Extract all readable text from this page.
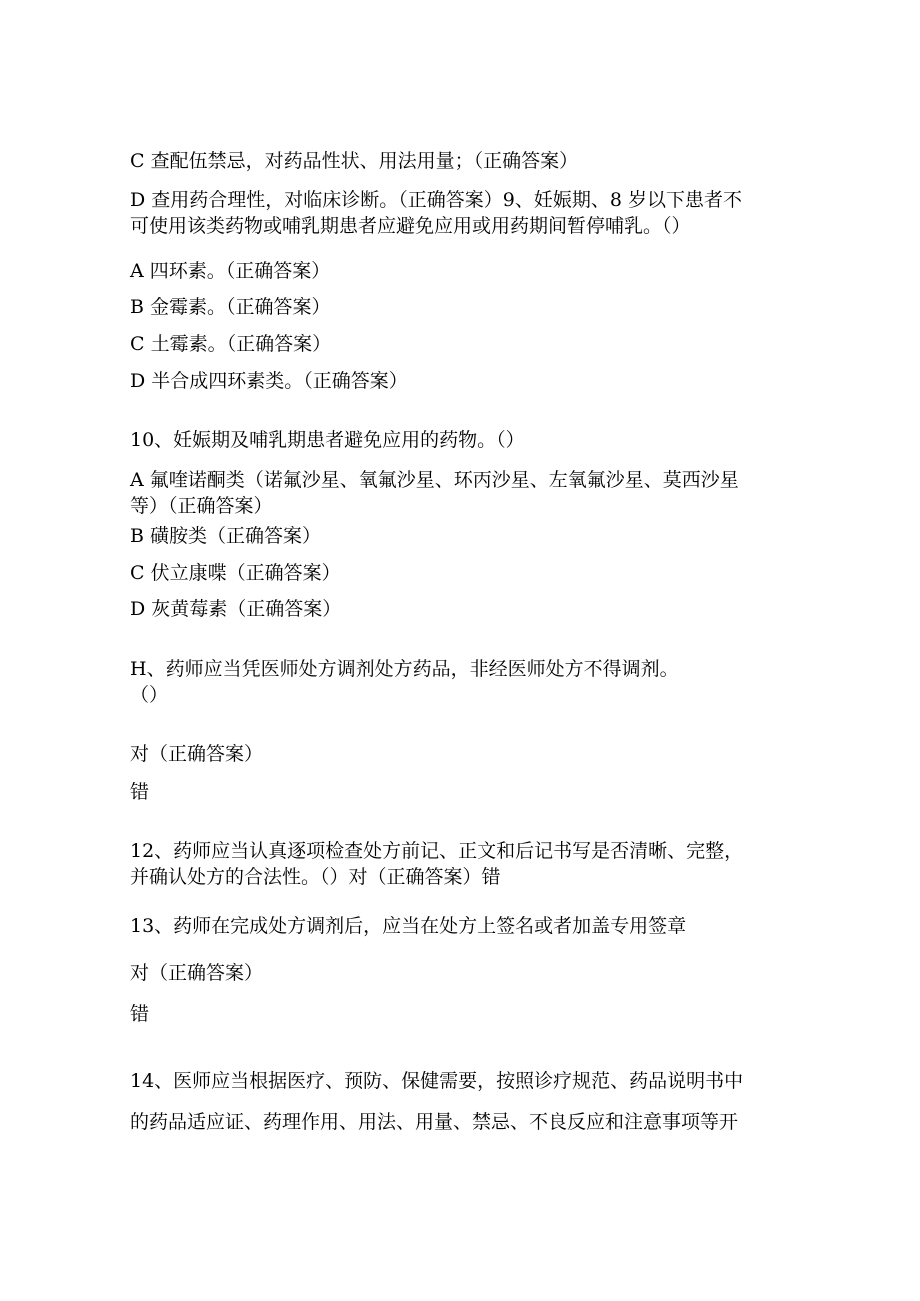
C 查配伍禁忌，对药品性状、用法用量；（正确答案）
D 查用药合理性，对临床诊断。（正确答案）9、妊娠期、8 岁以下患者不
可使用该类药物或哺乳期患者应避免应用或用药期间暂停哺乳。（）
A 四环素。（正确答案）
B 金霉素。（正确答案）
C 土霉素。（正确答案）
D 半合成四环素类。（正确答案）
10、妊娠期及哺乳期患者避免应用的药物。（）
A 氟喹诺酮类（诺氟沙星、氧氟沙星、环丙沙星、左氧氟沙星、莫西沙星
等）（正确答案）
B 磺胺类（正确答案）
C 伏立康喋（正确答案）
D 灰黄莓素（正确答案）
H、药师应当凭医师处方调剂处方药品，非经医师处方不得调剂。
（）
对（正确答案）
错
12、药师应当认真逐项检查处方前记、正文和后记书写是否清晰、完整，
并确认处方的合法性。（）对（正确答案）错
13、药师在完成处方调剂后，应当在处方上签名或者加盖专用签章
对（正确答案）
错
14、医师应当根据医疗、预防、保健需要，按照诊疗规范、药品说明书中
的药品适应证、药理作用、用法、用量、禁忌、不良反应和注意事项等开
